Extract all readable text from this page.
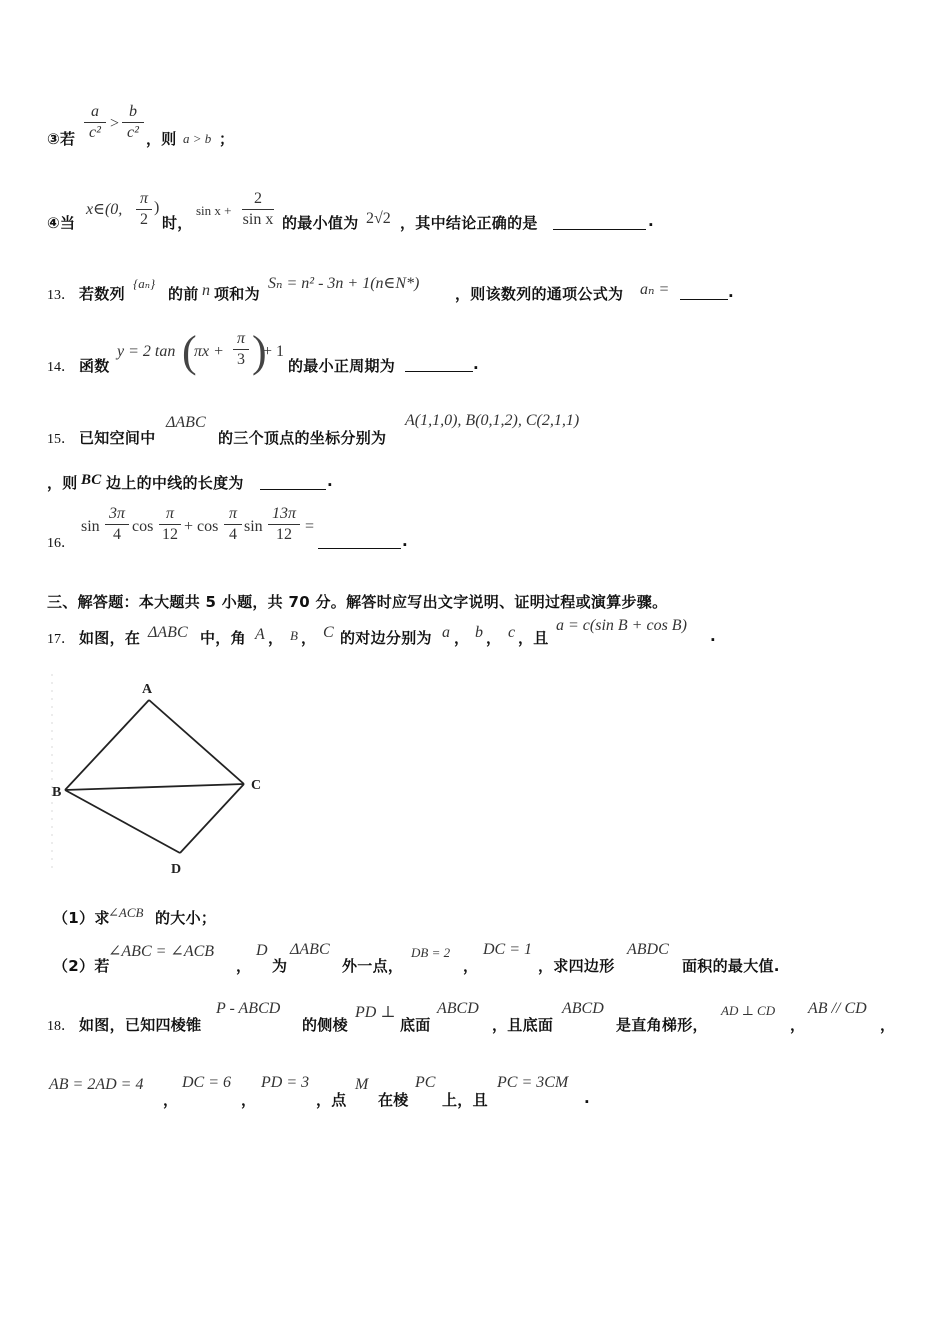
③若
a
c²
>
b
c² ，则 a > b ；
④当
x∈(0,
π
2
)
时，
sin x +
2
sin x 的最小值为 2√2 ，其中结论正确的是	.
13． 若数列
{aₙ}
的前 n 项和为
Sₙ = n² - 3n + 1(n∈N*)
，则该数列的通项公式为 aₙ =	.
14． 函数
y = 2 tan (
πx +
π
3 )
+ 1
的最小正周期为	.
15． 已知空间中
ΔABC
的三个顶点的坐标分别为
A(1,1,0), B(0,1,2), C(2,1,1)
，则 BC 边上的中线的长度为	.
16．
sin
3π
4 cos
π
12 + cos
π
4 sin
13π
12 =
.
三、解答题：本大题共 5 小题，共 70 分。解答时应写出文字说明、证明过程或演算步骤。
17． 如图，在 ΔABC 中，角 A ， B ， C 的对边分别为 a ， b ， c ，且
a = c(sin B + cos B)
.
A
B	C
D
（1）求
∠ACB 的大小；
（2）若
∠ABC = ∠ACB
，
D
为
ΔABC
外一点，
DB = 2
，
DC = 1
，求四边形
ABDC
面积的最大值.
18． 如图，已知四棱锥
P - ABCD
的侧棱
PD ⊥
底面
ABCD
，且底面
ABCD
是直角梯形，
AD ⊥ CD
，
AB // CD
，
AB = 2AD = 4
，
DC = 6
，
PD = 3
，点
M
在棱
PC
上，且
PC = 3CM
.
